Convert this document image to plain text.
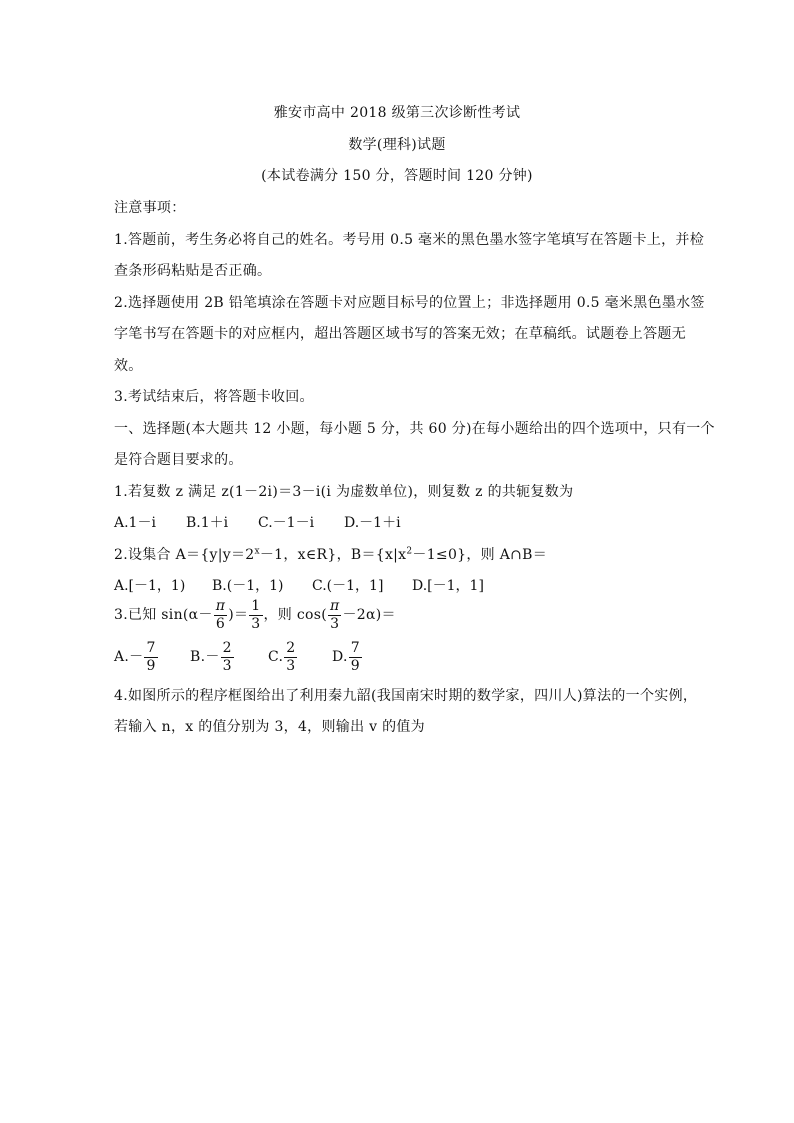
雅安市高中 2018 级第三次诊断性考试
数学(理科)试题
(本试卷满分 150 分，答题时间 120 分钟)
注意事项：
1.答题前，考生务必将自己的姓名。考号用 0.5 毫米的黑色墨水签字笔填写在答题卡上，并检
查条形码粘贴是否正确。
2.选择题使用 2B 铅笔填涂在答题卡对应题目标号的位置上；非选择题用 0.5 毫米黑色墨水签
字笔书写在答题卡的对应框内，超出答题区域书写的答案无效；在草稿纸。试题卷上答题无
效。
3.考试结束后，将答题卡收回。
一、选择题(本大题共 12 小题，每小题 5 分，共 60 分)在每小题给出的四个选项中，只有一个
是符合题目要求的。
1.若复数 z 满足 z(1－2i)＝3－i(i 为虚数单位)，则复数 z 的共轭复数为
A.1－i B.1＋i C.－1－i D.－1＋i
2.设集合 $A=\{y|y=2^x-1$，x∈R}，$B=\{x|x^2-1\le 0\}$，则 A∩B＝
A.[－1，1) B.(－1，1) C.(－1，1] D.[－1，1]
3.已知 $\sin(\alpha- \frac{\pi}{6}$ )＝ $\frac{1}{3}$ ，则 $\cos( \frac{\pi}{3} -2\alpha)=$
$A.- \frac{7}{9} B.- \frac{2}{3} C$. $\frac{2}{3} D$. $\frac{7}{9}$
4.如图所示的程序框图给出了利用秦九韶(我国南宋时期的数学家，四川人)算法的一个实例，
若输入 n，x 的值分别为 3，4，则输出 v 的值为
